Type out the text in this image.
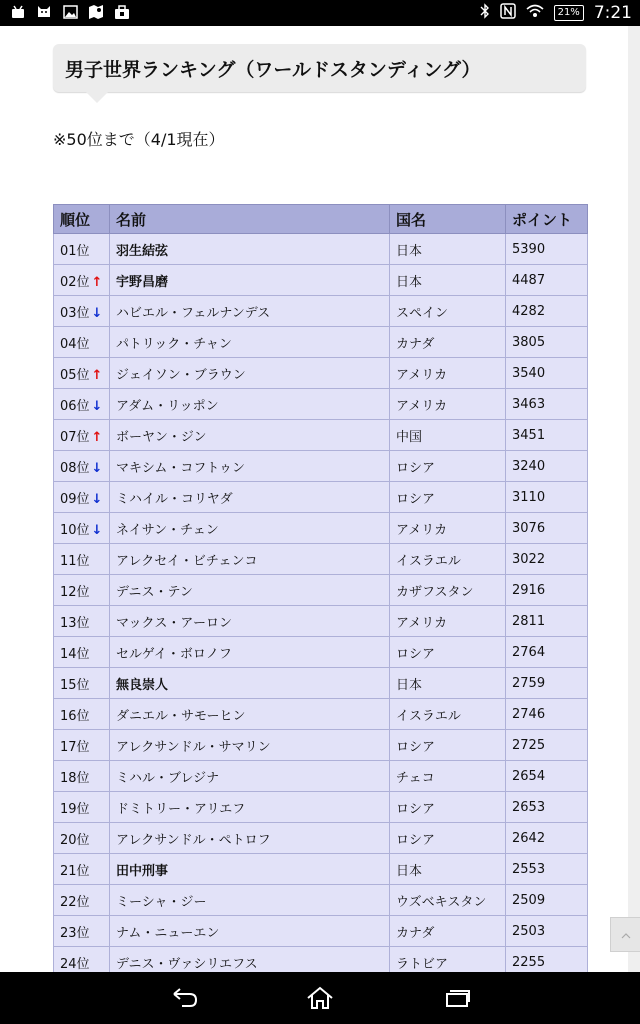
21% 7:21
男子世界ランキング（ワールドスタンディング）
※50位まで（4/1現在）
順位	名前	国名	ポイント
01位	羽生結弦	日本	5390
02位 ↑	宇野昌磨	日本	4487
03位 ↓	ハビエル・フェルナンデス	スペイン	4282
04位	パトリック・チャン	カナダ	3805
05位 ↑	ジェイソン・ブラウン	アメリカ	3540
06位 ↓	アダム・リッポン	アメリカ	3463
07位 ↑	ボーヤン・ジン	中国	3451
08位 ↓	マキシム・コフトゥン	ロシア	3240
09位 ↓	ミハイル・コリヤダ	ロシア	3110
10位 ↓	ネイサン・チェン	アメリカ	3076
11位	アレクセイ・ビチェンコ	イスラエル	3022
12位	デニス・テン	カザフスタン	2916
13位	マックス・アーロン	アメリカ	2811
14位	セルゲイ・ボロノフ	ロシア	2764
15位	無良崇人	日本	2759
16位	ダニエル・サモーヒン	イスラエル	2746
17位	アレクサンドル・サマリン	ロシア	2725
18位	ミハル・ブレジナ	チェコ	2654
19位	ドミトリー・アリエフ	ロシア	2653
20位	アレクサンドル・ペトロフ	ロシア	2642
21位	田中刑事	日本	2553
22位	ミーシャ・ジー	ウズベキスタン	2509
23位	ナム・ニューエン	カナダ	2503
24位	デニス・ヴァシリエフス	ラトビア	2255
